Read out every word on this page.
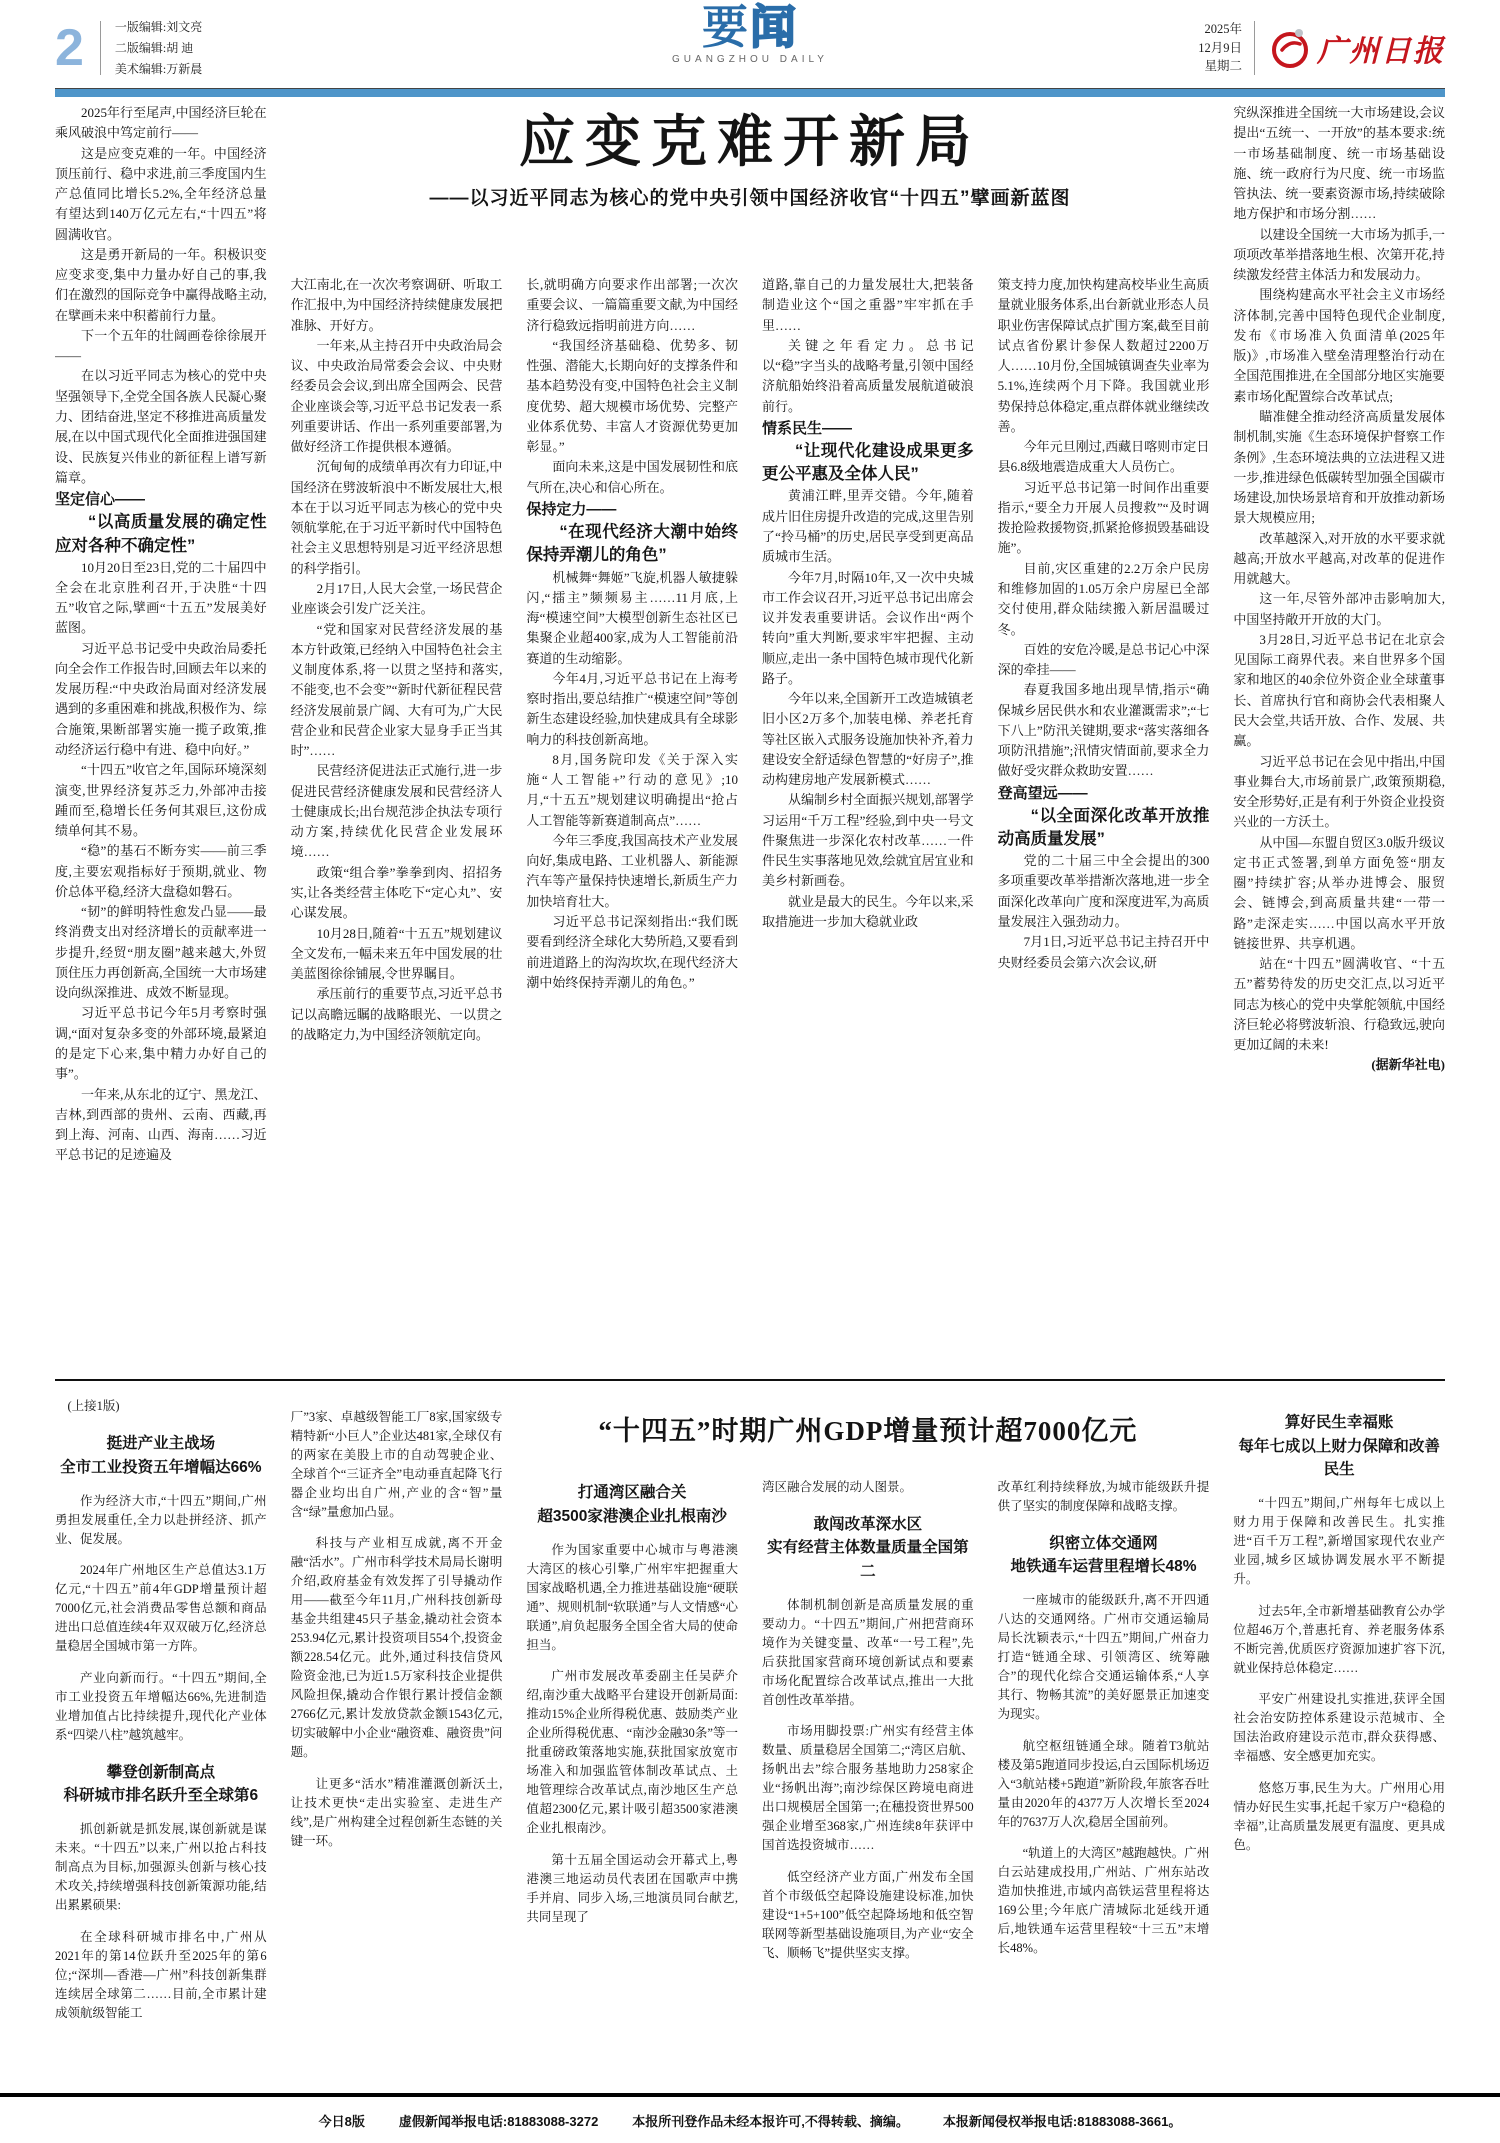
2	一版编辑:刘文亮
二版编辑:胡 迪
美术编辑:万新晨
要闻
GUANGZHOU DAILY
2025年
12月9日
星期二	广州日报

2025年行至尾声,中国经济巨轮在乘风破浪中笃定前行——

这是应变克难的一年。中国经济顶压前行、稳中求进,前三季度国内生产总值同比增长5.2%,全年经济总量有望达到140万亿元左右,“十四五”将圆满收官。

这是勇开新局的一年。积极识变应变求变,集中力量办好自己的事,我们在激烈的国际竞争中赢得战略主动,在擘画未来中积蓄前行力量。

下一个五年的壮阔画卷徐徐展开——

在以习近平同志为核心的党中央坚强领导下,全党全国各族人民凝心聚力、团结奋进,坚定不移推进高质量发展,在以中国式现代化全面推进强国建设、民族复兴伟业的新征程上谱写新篇章。

坚定信心——

“以高质量发展的确定性应对各种不确定性”

10月20日至23日,党的二十届四中全会在北京胜利召开,于决胜“十四五”收官之际,擘画“十五五”发展美好蓝图。

习近平总书记受中央政治局委托向全会作工作报告时,回顾去年以来的发展历程:“中央政治局面对经济发展遇到的多重困难和挑战,积极作为、综合施策,果断部署实施一揽子政策,推动经济运行稳中有进、稳中向好。”

“十四五”收官之年,国际环境深刻演变,世界经济复苏乏力,外部冲击接踵而至,稳增长任务何其艰巨,这份成绩单何其不易。

“稳”的基石不断夯实——前三季度,主要宏观指标好于预期,就业、物价总体平稳,经济大盘稳如磐石。

“韧”的鲜明特性愈发凸显——最终消费支出对经济增长的贡献率进一步提升,经贸“朋友圈”越来越大,外贸顶住压力再创新高,全国统一大市场建设向纵深推进、成效不断显现。

习近平总书记今年5月考察时强调,“面对复杂多变的外部环境,最紧迫的是定下心来,集中精力办好自己的事”。

一年来,从东北的辽宁、黑龙江、吉林,到西部的贵州、云南、西藏,再到上海、河南、山西、海南……习近平总书记的足迹遍及

应变克难开新局
——以习近平同志为核心的党中央引领中国经济收官“十四五”擘画新蓝图

大江南北,在一次次考察调研、听取工作汇报中,为中国经济持续健康发展把准脉、开好方。

一年来,从主持召开中央政治局会议、中央政治局常委会会议、中央财经委员会会议,到出席全国两会、民营企业座谈会等,习近平总书记发表一系列重要讲话、作出一系列重要部署,为做好经济工作提供根本遵循。

沉甸甸的成绩单再次有力印证,中国经济在劈波斩浪中不断发展壮大,根本在于以习近平同志为核心的党中央领航掌舵,在于习近平新时代中国特色社会主义思想特别是习近平经济思想的科学指引。

2月17日,人民大会堂,一场民营企业座谈会引发广泛关注。

“党和国家对民营经济发展的基本方针政策,已经纳入中国特色社会主义制度体系,将一以贯之坚持和落实,不能变,也不会变”“新时代新征程民营经济发展前景广阔、大有可为,广大民营企业和民营企业家大显身手正当其时”……

民营经济促进法正式施行,进一步促进民营经济健康发展和民营经济人士健康成长;出台规范涉企执法专项行动方案,持续优化民营企业发展环境……

政策“组合拳”拳拳到肉、招招务实,让各类经营主体吃下“定心丸”、安心谋发展。

10月28日,随着“十五五”规划建议全文发布,一幅未来五年中国发展的壮美蓝图徐徐铺展,令世界瞩目。

承压前行的重要节点,习近平总书记以高瞻远瞩的战略眼光、一以贯之的战略定力,为中国经济领航定向。

长,就明确方向要求作出部署;一次次重要会议、一篇篇重要文献,为中国经济行稳致远指明前进方向……

“我国经济基础稳、优势多、韧性强、潜能大,长期向好的支撑条件和基本趋势没有变,中国特色社会主义制度优势、超大规模市场优势、完整产业体系优势、丰富人才资源优势更加彰显。”

面向未来,这是中国发展韧性和底气所在,决心和信心所在。

保持定力——

“在现代经济大潮中始终保持弄潮儿的角色”

机械舞“舞姬”飞旋,机器人敏捷躲闪,“擂主”频频易主……11月底,上海“模速空间”大模型创新生态社区已集聚企业超400家,成为人工智能前沿赛道的生动缩影。

今年4月,习近平总书记在上海考察时指出,要总结推广“模速空间”等创新生态建设经验,加快建成具有全球影响力的科技创新高地。

8月,国务院印发《关于深入实施“人工智能+”行动的意见》;10月,“十五五”规划建议明确提出“抢占人工智能等新赛道制高点”……

今年三季度,我国高技术产业发展向好,集成电路、工业机器人、新能源汽车等产量保持快速增长,新质生产力加快培育壮大。

习近平总书记深刻指出:“我们既要看到经济全球化大势所趋,又要看到前进道路上的沟沟坎坎,在现代经济大潮中始终保持弄潮儿的角色。”

道路,靠自己的力量发展壮大,把装备制造业这个“国之重器”牢牢抓在手里……

关键之年看定力。总书记以“稳”字当头的战略考量,引领中国经济航船始终沿着高质量发展航道破浪前行。

情系民生——

“让现代化建设成果更多更公平惠及全体人民”

黄浦江畔,里弄交错。今年,随着成片旧住房提升改造的完成,这里告别了“拎马桶”的历史,居民享受到更高品质城市生活。

今年7月,时隔10年,又一次中央城市工作会议召开,习近平总书记出席会议并发表重要讲话。会议作出“两个转向”重大判断,要求牢牢把握、主动顺应,走出一条中国特色城市现代化新路子。

今年以来,全国新开工改造城镇老旧小区2万多个,加装电梯、养老托育等社区嵌入式服务设施加快补齐,着力建设安全舒适绿色智慧的“好房子”,推动构建房地产发展新模式……

从编制乡村全面振兴规划,部署学习运用“千万工程”经验,到中央一号文件聚焦进一步深化农村改革……一件件民生实事落地见效,绘就宜居宜业和美乡村新画卷。

就业是最大的民生。今年以来,采取措施进一步加大稳就业政

策支持力度,加快构建高校毕业生高质量就业服务体系,出台新就业形态人员职业伤害保障试点扩围方案,截至目前试点省份累计参保人数超过2200万人……10月份,全国城镇调查失业率为5.1%,连续两个月下降。我国就业形势保持总体稳定,重点群体就业继续改善。

今年元旦刚过,西藏日喀则市定日县6.8级地震造成重大人员伤亡。

习近平总书记第一时间作出重要指示,“要全力开展人员搜救”“及时调拨抢险救援物资,抓紧抢修损毁基础设施”。

目前,灾区重建的2.2万余户民房和维修加固的1.05万余户房屋已全部交付使用,群众陆续搬入新居温暖过冬。

百姓的安危冷暖,是总书记心中深深的牵挂——

春夏我国多地出现旱情,指示“确保城乡居民供水和农业灌溉需求”;“七下八上”防汛关键期,要求“落实落细各项防汛措施”;汛情灾情面前,要求全力做好受灾群众救助安置……

登高望远——

“以全面深化改革开放推动高质量发展”

党的二十届三中全会提出的300多项重要改革举措渐次落地,进一步全面深化改革向广度和深度进军,为高质量发展注入强劲动力。

7月1日,习近平总书记主持召开中央财经委员会第六次会议,研

究纵深推进全国统一大市场建设,会议提出“五统一、一开放”的基本要求:统一市场基础制度、统一市场基础设施、统一政府行为尺度、统一市场监管执法、统一要素资源市场,持续破除地方保护和市场分割……

以建设全国统一大市场为抓手,一项项改革举措落地生根、次第开花,持续激发经营主体活力和发展动力。

围绕构建高水平社会主义市场经济体制,完善中国特色现代企业制度,发布《市场准入负面清单(2025年版)》,市场准入壁垒清理整治行动在全国范围推进,在全国部分地区实施要素市场化配置综合改革试点;

瞄准健全推动经济高质量发展体制机制,实施《生态环境保护督察工作条例》,生态环境法典的立法进程又进一步,推进绿色低碳转型加强全国碳市场建设,加快场景培育和开放推动新场景大规模应用;

改革越深入,对开放的水平要求就越高;开放水平越高,对改革的促进作用就越大。

这一年,尽管外部冲击影响加大,中国坚持敞开开放的大门。

3月28日,习近平总书记在北京会见国际工商界代表。来自世界多个国家和地区的40余位外资企业全球董事长、首席执行官和商协会代表相聚人民大会堂,共话开放、合作、发展、共赢。

习近平总书记在会见中指出,中国事业舞台大,市场前景广,政策预期稳,安全形势好,正是有利于外资企业投资兴业的一方沃土。

从中国—东盟自贸区3.0版升级议定书正式签署,到单方面免签“朋友圈”持续扩容;从举办进博会、服贸会、链博会,到高质量共建“一带一路”走深走实……中国以高水平开放链接世界、共享机遇。

站在“十四五”圆满收官、“十五五”蓄势待发的历史交汇点,以习近平同志为核心的党中央掌舵领航,中国经济巨轮必将劈波斩浪、行稳致远,驶向更加辽阔的未来!

(据新华社电)

(上接1版)

挺进产业主战场

全市工业投资五年增幅达66%

作为经济大市,“十四五”期间,广州勇担发展重任,全力以赴拼经济、抓产业、促发展。

2024年广州地区生产总值达3.1万亿元,“十四五”前4年GDP增量预计超7000亿元,社会消费品零售总额和商品进出口总值连续4年双双破万亿,经济总量稳居全国城市第一方阵。

产业向新而行。“十四五”期间,全市工业投资五年增幅达66%,先进制造业增加值占比持续提升,现代化产业体系“四梁八柱”越筑越牢。

攀登创新制高点

科研城市排名跃升至全球第6

抓创新就是抓发展,谋创新就是谋未来。“十四五”以来,广州以抢占科技制高点为目标,加强源头创新与核心技术攻关,持续增强科技创新策源功能,结出累累硕果:

在全球科研城市排名中,广州从2021年的第14位跃升至2025年的第6位;“深圳—香港—广州”科技创新集群连续居全球第二……目前,全市累计建成领航级智能工

厂”3家、卓越级智能工厂8家,国家级专精特新“小巨人”企业达481家,全球仅有的两家在美股上市的自动驾驶企业、全球首个“三证齐全”电动垂直起降飞行器企业均出自广州,产业的含“智”量含“绿”量愈加凸显。

科技与产业相互成就,离不开金融“活水”。广州市科学技术局局长谢明介绍,政府基金有效发挥了引导撬动作用——截至今年11月,广州科技创新母基金共组建45只子基金,撬动社会资本253.94亿元,累计投资项目554个,投资金额228.54亿元。此外,通过科技信贷风险资金池,已为近1.5万家科技企业提供风险担保,撬动合作银行累计授信金额2766亿元,累计发放贷款金额1543亿元,切实破解中小企业“融资难、融资贵”问题。

让更多“活水”精准灌溉创新沃土,让技术更快“走出实验室、走进生产线”,是广州构建全过程创新生态链的关键一环。

“十四五”时期广州GDP增量预计超7000亿元

打通湾区融合关

超3500家港澳企业扎根南沙

作为国家重要中心城市与粤港澳大湾区的核心引擎,广州牢牢把握重大国家战略机遇,全力推进基础设施“硬联通”、规则机制“软联通”与人文情感“心联通”,肩负起服务全国全省大局的使命担当。

广州市发展改革委副主任吴萨介绍,南沙重大战略平台建设开创新局面:推动15%企业所得税优惠、鼓励类产业企业所得税优惠、“南沙金融30条”等一批重磅政策落地实施,获批国家放宽市场准入和加强监管体制改革试点、土地管理综合改革试点,南沙地区生产总值超2300亿元,累计吸引超3500家港澳企业扎根南沙。

第十五届全国运动会开幕式上,粤港澳三地运动员代表团在国歌声中携手并肩、同步入场,三地演员同台献艺,共同呈现了

湾区融合发展的动人图景。

敢闯改革深水区

实有经营主体数量质量全国第二

体制机制创新是高质量发展的重要动力。“十四五”期间,广州把营商环境作为关键变量、改革“一号工程”,先后获批国家营商环境创新试点和要素市场化配置综合改革试点,推出一大批首创性改革举措。

市场用脚投票:广州实有经营主体数量、质量稳居全国第二;“湾区启航、扬帆出去”综合服务基地助力258家企业“扬帆出海”;南沙综保区跨境电商进出口规模居全国第一;在穗投资世界500强企业增至368家,广州连续8年获评中国首选投资城市……

低空经济产业方面,广州发布全国首个市级低空起降设施建设标准,加快建设“1+5+100”低空起降场地和低空智联网等新型基础设施项目,为产业“安全飞、顺畅飞”提供坚实支撑。

改革红利持续释放,为城市能级跃升提供了坚实的制度保障和战略支撑。

织密立体交通网

地铁通车运营里程增长48%

一座城市的能级跃升,离不开四通八达的交通网络。广州市交通运输局局长沈颖表示,“十四五”期间,广州奋力打造“链通全球、引领湾区、统筹融合”的现代化综合交通运输体系,“人享其行、物畅其流”的美好愿景正加速变为现实。

航空枢纽链通全球。随着T3航站楼及第5跑道同步投运,白云国际机场迈入“3航站楼+5跑道”新阶段,年旅客吞吐量由2020年的4377万人次增长至2024年的7637万人次,稳居全国前列。

“轨道上的大湾区”越跑越快。广州白云站建成投用,广州站、广州东站改造加快推进,市域内高铁运营里程将达169公里;今年底广清城际北延线开通后,地铁通车运营里程较“十三五”末增长48%。

算好民生幸福账

每年七成以上财力保障和改善民生

“十四五”期间,广州每年七成以上财力用于保障和改善民生。扎实推进“百千万工程”,新增国家现代农业产业园,城乡区域协调发展水平不断提升。

过去5年,全市新增基础教育公办学位超46万个,普惠托育、养老服务体系不断完善,优质医疗资源加速扩容下沉,就业保持总体稳定……

平安广州建设扎实推进,获评全国社会治安防控体系建设示范城市、全国法治政府建设示范市,群众获得感、幸福感、安全感更加充实。

悠悠万事,民生为大。广州用心用情办好民生实事,托起千家万户“稳稳的幸福”,让高质量发展更有温度、更具成色。

今日8版	虚假新闻举报电话:81883088-3272	本报所刊登作品未经本报许可,不得转载、摘编。	本报新闻侵权举报电话:81883088-3661。
